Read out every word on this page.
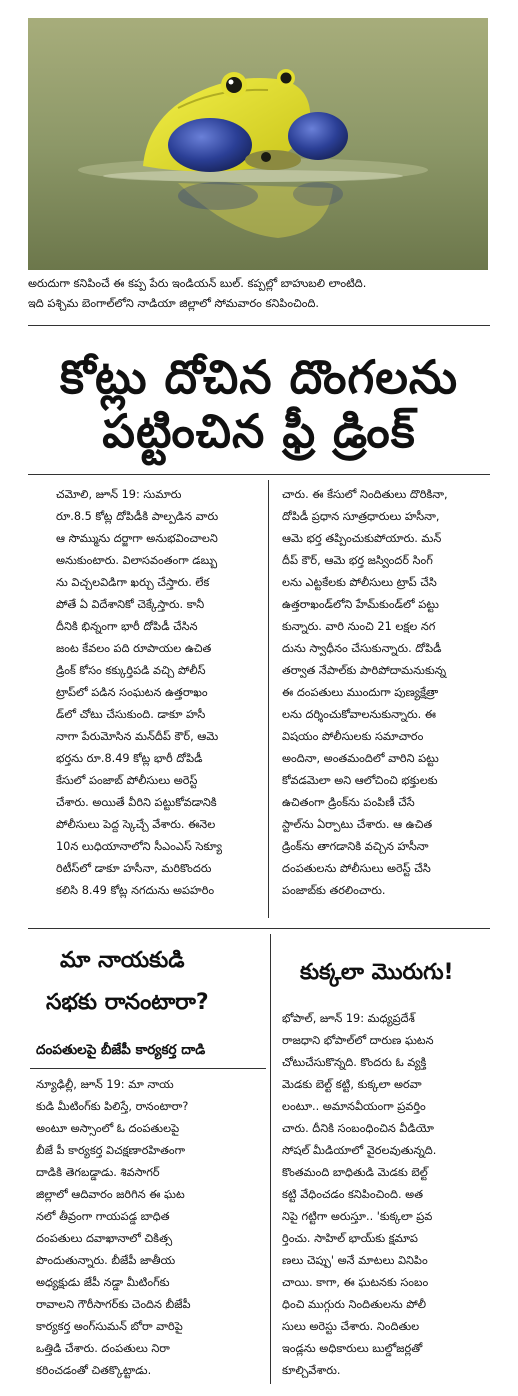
అరుదుగా కనిపించే ఈ కప్ప పేరు ఇండియన్ బుల్. కప్పల్లో బాహుబలి లాంటిది.
ఇది పశ్చిమ బెంగాల్‌లోని నాడియా జిల్లాలో సోమవారం కనిపించింది.
కోట్లు దోచిన దొంగలను
పట్టించిన ఫ్రీ డ్రింక్
చమోలి, జూన్ 19: సుమారు
రూ.8.5 కోట్ల దోపిడీకి పాల్పడిన వారు
ఆ సొమ్మును దర్జాగా అనుభవించాలని
అనుకుంటారు. విలాసవంతంగా డబ్బు
ను విచ్చలవిడిగా ఖర్చు చేస్తారు. లేక
పోతే ఏ విదేశానికో చెక్కేస్తారు. కానీ
దీనికి భిన్నంగా భారీ దోపిడీ చేసిన
జంట కేవలం పది రూపాయల ఉచిత
డ్రింక్ కోసం కక్కుర్తిపడి వచ్చి పోలీస్
ట్రాప్‌లో పడిన సంఘటన ఉత్తరాఖం
డ్‌లో చోటు చేసుకుంది. డాకూ హసీ
నాగా పేరుమోసిన మన్‌దీప్ కౌర్, ఆమె
భర్తను రూ.8.49 కోట్ల భారీ దోపిడీ
కేసులో పంజాబ్ పోలీసులు అరెస్ట్
చేశారు. అయితే వీరిని పట్టుకోవడానికి
పోలీసులు పెద్ద స్కెచ్చే వేశారు. ఈనెల
10న లుధియానాలోని సీఎంఎస్ సెక్యూ
రిటీస్‌లో డాకూ హసీనా, మరికొందరు
కలిసి 8.49 కోట్ల నగదును అపహరిం
చారు. ఈ కేసులో నిందితులు దొరికినా,
దోపిడీ ప్రధాన సూత్రధారులు హసీనా,
ఆమె భర్త తప్పించుకుపోయారు. మన్
దీప్ కౌర్, ఆమె భర్త జస్విందర్ సింగ్
లను ఎట్టకేలకు పోలీసులు ట్రాప్ చేసి
ఉత్తరాఖండ్‌లోని హేమ్‌కుండ్‌లో పట్టు
కున్నారు. వారి నుంచి 21 లక్షల నగ
దును స్వాధీనం చేసుకున్నారు. దోపిడీ
తర్వాత నేపాల్‌కు పారిపోదామనుకున్న
ఈ దంపతులు ముందుగా పుణ్యక్షేత్రా
లను దర్శించుకోవాలనుకున్నారు. ఈ
విషయం పోలీసులకు సమాచారం
అందినా, అంతమందిలో వారిని పట్టు
కోవడమెలా అని ఆలోచించి భక్తులకు
ఉచితంగా డ్రింక్‌ను పంపిణీ చేసే
స్టాల్‌ను ఏర్పాటు చేశారు. ఆ ఉచిత
డ్రింక్‌ను తాగడానికి వచ్చిన హసీనా
దంపతులను పోలీసులు అరెస్ట్ చేసి
పంజాబ్‌కు తరలించారు.
మా నాయకుడి
సభకు రానంటారా?
దంపతులపై బీజేపీ కార్యకర్త దాడి
న్యూఢిల్లీ, జూన్ 19: మా నాయ
కుడి మీటింగ్‌కు పిలిస్తే, రానంటారా?
అంటూ అస్సాంలో ఓ దంపతులపై
బీజే పీ కార్యకర్త విచక్షణారహితంగా
దాడికి తెగబడ్డాడు. శివసాగర్
జిల్లాలో ఆదివారం జరిగిన ఈ ఘట
నలో తీవ్రంగా గాయపడ్డ బాధిత
దంపతులు దవాఖానాలో చికిత్స
పొందుతున్నారు. బీజేపీ జాతీయ
అధ్యక్షుడు జేపీ నడ్డా మీటింగ్‌కు
రావాలని గౌరీసాగర్‌కు చెందిన బీజేపీ
కార్యకర్త అంగ్‌సుమన్ బోరా వారిపై
ఒత్తిడి చేశారు. దంపతులు నిరా
కరించడంతో చితక్కొట్టాడు.
కుక్కలా మొరుగు!
భోపాల్, జూన్ 19: మధ్యప్రదేశ్
రాజధాని భోపాల్‌లో దారుణ ఘటన
చోటుచేసుకొన్నది. కొందరు ఓ వ్యక్తి
మెడకు బెల్ట్ కట్టి, కుక్కలా అరవా
లంటూ.. అమానవీయంగా ప్రవర్తిం
చారు. దీనికి సంబంధించిన వీడియో
సోషల్ మీడియాలో వైరలవుతున్నది.
కొంతమంది బాధితుడి మెడకు బెల్ట్
కట్టి వేధించడం కనిపించింది. అత
నిపై గట్టిగా అరుస్తూ.. 'కుక్కలా ప్రవ
ర్తించు. సాహిల్ భాయ్‌కు క్షమాప
ణలు చెప్పు' అనే మాటలు వినిపిం
చాయి. కాగా, ఈ ఘటనకు సంబం
ధించి ముగ్గురు నిందితులను పోలీ
సులు అరెస్టు చేశారు. నిందితుల
ఇండ్లను అధికారులు బుల్డోజర్లతో
కూల్చివేశారు.
